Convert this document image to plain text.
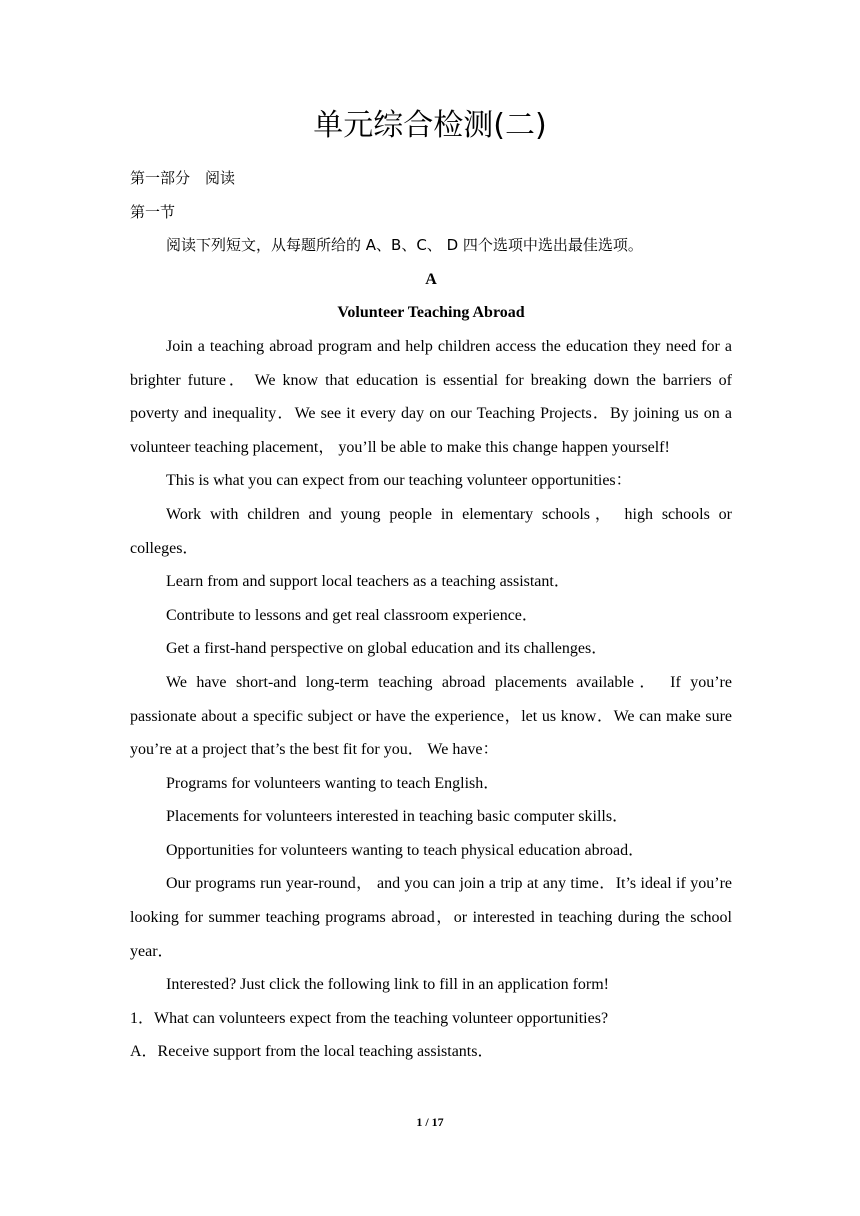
单元综合检测(二)

第一部分　阅读

第一节

阅读下列短文，从每题所给的 A、B、C、 D 四个选项中选出最佳选项。

A

Volunteer Teaching Abroad

Join a teaching abroad program and help children access the education they need for a brighter future． We know that education is essential for breaking down the barriers of poverty and inequality．We see it every day on our Teaching Projects．By joining us on a volunteer teaching placement， you’ll be able to make this change happen yourself!

This is what you can expect from our teaching volunteer opportunities：

Work with children and young people in elementary schools， high schools or colleges．

Learn from and support local teachers as a teaching assistant．

Contribute to lessons and get real classroom experience．

Get a first-hand perspective on global education and its challenges．

We have short-and long-term teaching abroad placements available． If you’re passionate about a specific subject or have the experience，let us know．We can make sure you’re at a project that’s the best fit for you． We have：

Programs for volunteers wanting to teach English．

Placements for volunteers interested in teaching basic computer skills．

Opportunities for volunteers wanting to teach physical education abroad．

Our programs run year-round， and you can join a trip at any time．It’s ideal if you’re looking for summer teaching programs abroad，or interested in teaching during the school year．

Interested? Just click the following link to fill in an application form!

1．What can volunteers expect from the teaching volunteer opportunities?

A．Receive support from the local teaching assistants．

1 / 17
